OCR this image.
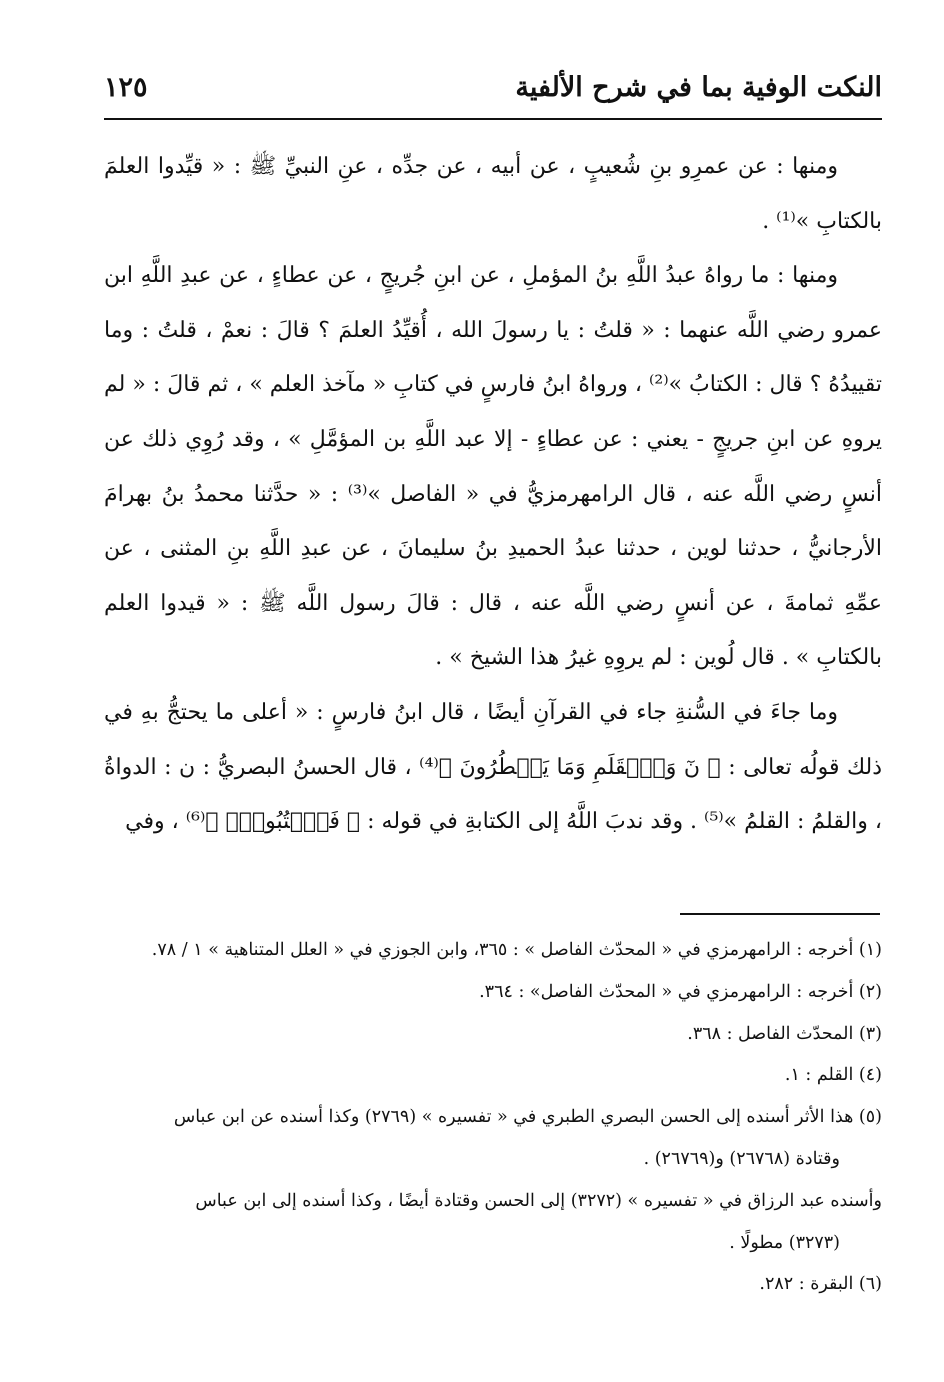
النكت الوفية بما في شرح الألفية
١٢٥

ومنها : عن عمرِو بنِ شُعيبٍ ، عن أبيه ، عن جدِّه ، عنِ النبيِّ ﷺ : « قيِّدوا العلمَ بالكتابِ »⁽¹⁾ .

ومنها : ما رواهُ عبدُ اللَّهِ بنُ المؤملِ ، عن ابنِ جُريجٍ ، عن عطاءٍ ، عن عبدِ اللَّهِ ابن عمرو رضي اللَّه عنهما : « قلتُ : يا رسولَ الله ، أُقيِّدُ العلمَ ؟ قالَ : نعمْ ، قلتُ : وما تقييدُهُ ؟ قال : الكتابُ »⁽²⁾ ، ورواهُ ابنُ فارسٍ في كتابِ « مآخذ العلم » ، ثم قالَ : « لم يروهِ عن ابنِ جريجٍ - يعني : عن عطاءٍ - إلا عبد اللَّهِ بن المؤمَّلِ » ، وقد رُوِي ذلك عن أنسٍ رضي اللَّه عنه ، قال الرامهرمزيُّ في « الفاصل »⁽³⁾ : « حدَّثنا محمدُ بنُ بهرامَ الأرجانيُّ ، حدثنا لوين ، حدثنا عبدُ الحميدِ بنُ سليمانَ ، عن عبدِ اللَّهِ بنِ المثنى ، عن عمِّهِ ثمامةَ ، عن أنسٍ رضي اللَّه عنه ، قال : قالَ رسول اللَّه ﷺ : « قيدوا العلم بالكتابِ » . قال لُوين : لم يروِهِ غيرُ هذا الشيخ » .

وما جاءَ في السُّنةِ جاء في القرآنِ أيضًا ، قال ابنُ فارسٍ : « أعلى ما يحتجُّ بهِ في ذلك قولُه تعالى : ﴿ نٓ وَٱلۡقَلَمِ وَمَا يَسۡطُرُونَ ﴾⁽⁴⁾ ، قال الحسنُ البصريُّ : ن : الدواةُ ، والقلمُ : القلمُ »⁽⁵⁾ . وقد ندبَ اللَّهُ إلى الكتابةِ في قوله : ﴿ فَٱكۡتُبُوهُۚ ﴾⁽⁶⁾ ، وفي

(١) أخرجه : الرامهرمزي في « المحدّث الفاصل » : ٣٦٥، وابن الجوزي في « العلل المتناهية » ١ / ٧٨.

(٢) أخرجه : الرامهرمزي في « المحدّث الفاصل» : ٣٦٤.

(٣) المحدّث الفاصل : ٣٦٨.

(٤) القلم : ١.

(٥) هذا الأثر أسنده إلى الحسن البصري الطبري في « تفسيره » (٢٧٦٩) وكذا أسنده عن ابن عباس

وقتادة (٢٦٧٦٨) و(٢٦٧٦٩) .

وأسنده عبد الرزاق في « تفسيره » (٣٢٧٢) إلى الحسن وقتادة أيضًا ، وكذا أسنده إلى ابن عباس

(٣٢٧٣) مطولًا .

(٦) البقرة : ٢٨٢.
